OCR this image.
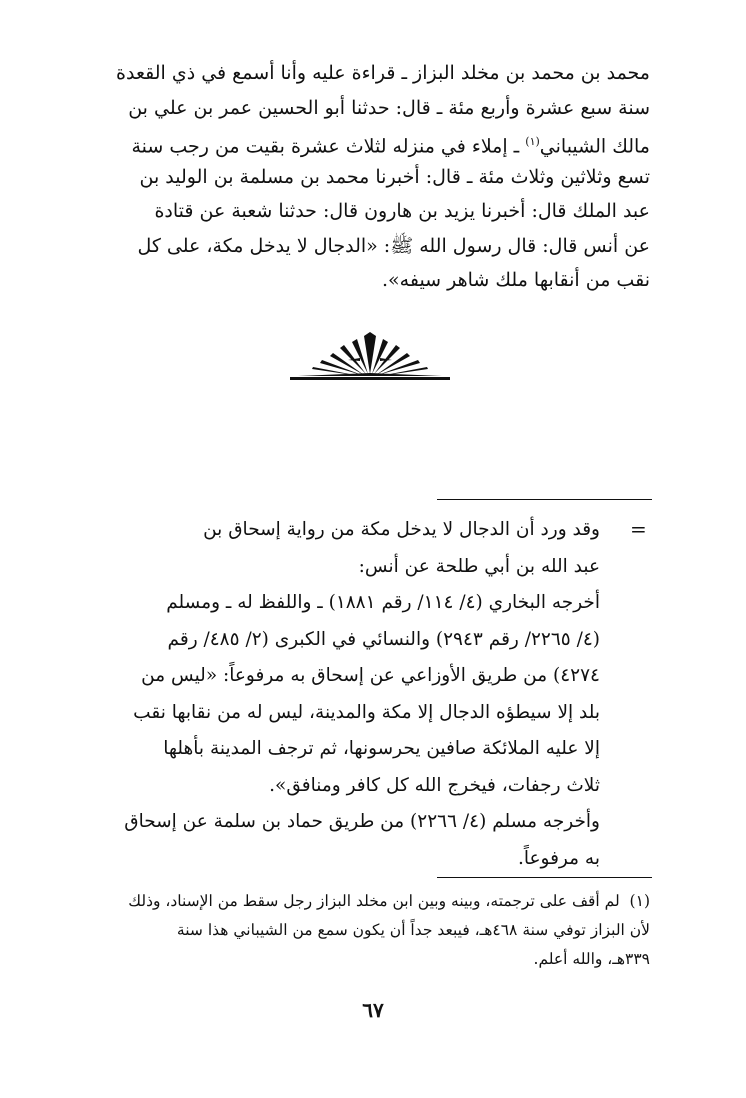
محمد بن محمد بن مخلد البزاز ـ قراءة عليه وأنا أسمع في ذي القعدة
سنة سبع عشرة وأربع مئة ـ قال: حدثنا أبو الحسين عمر بن علي بن
مالك الشيباني$^{(١)}$ ـ إملاء في منزله لثلاث عشرة بقيت من رجب سنة
تسع وثلاثين وثلاث مئة ـ قال: أخبرنا محمد بن مسلمة بن الوليد بن
عبد الملك قال: أخبرنا يزيد بن هارون قال: حدثنا شعبة عن قتادة
عن أنس قال: قال رسول الله ﷺ: «الدجال لا يدخل مكة، على كل
نقب من أنقابها ملك شاهر سيفه».
=
وقد ورد أن الدجال لا يدخل مكة من رواية إسحاق بن
عبد الله بن أبي طلحة عن أنس:
أخرجه البخاري (٤/ ١١٤/ رقم ١٨٨١) ـ واللفظ له ـ ومسلم
(٤/ ٢٢٦٥/ رقم ٢٩٤٣) والنسائي في الكبرى (٢/ ٤٨٥/ رقم
٤٢٧٤) من طريق الأوزاعي عن إسحاق به مرفوعاً: «ليس من
بلد إلا سيطؤه الدجال إلا مكة والمدينة، ليس له من نقابها نقب
إلا عليه الملائكة صافين يحرسونها، ثم ترجف المدينة بأهلها
ثلاث رجفات، فيخرج الله كل كافر ومنافق».
وأخرجه مسلم (٤/ ٢٢٦٦) من طريق حماد بن سلمة عن إسحاق
به مرفوعاً.
(١)  لم أقف على ترجمته، وبينه وبين ابن مخلد البزاز رجل سقط من الإسناد، وذلك
لأن البزاز توفي سنة ٤٦٨هـ، فيبعد جداً أن يكون سمع من الشيباني هذا سنة
٣٣٩هـ، والله أعلم.
٦٧
